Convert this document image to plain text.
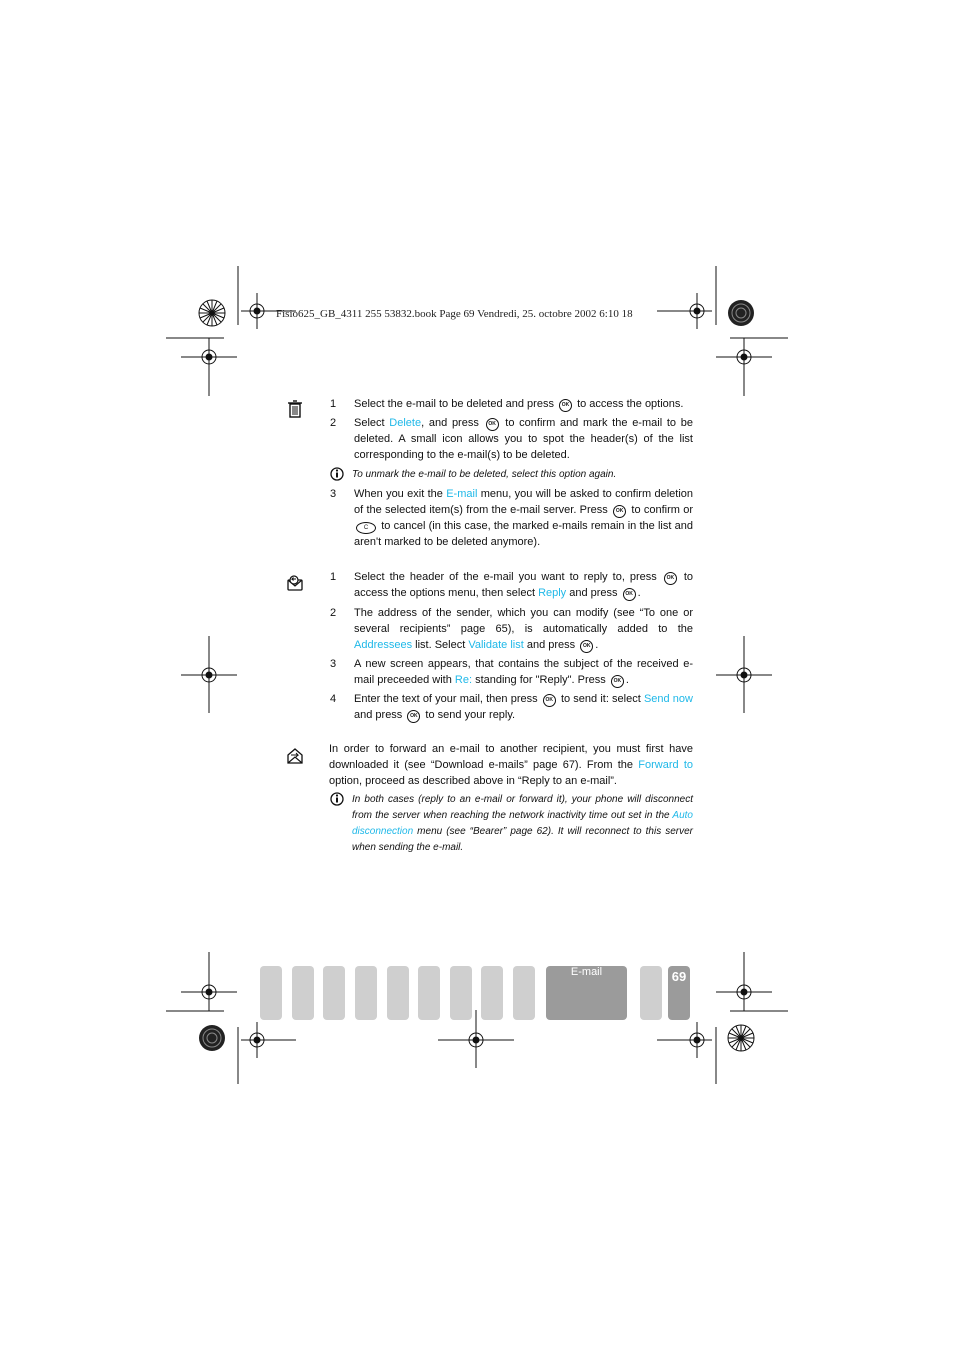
Fisio625_GB_4311 255 53832.book Page 69 Vendredi, 25. octobre 2002 6:10 18
1 Select the e-mail to be deleted and press OK to access the options.
2 Select Delete, and press OK to confirm and mark the e-mail to be deleted. A small icon allows you to spot the header(s) of the list corresponding to the e-mail(s) to be deleted.
To unmark the e-mail to be deleted, select this option again.
3 When you exit the E-mail menu, you will be asked to confirm deletion of the selected item(s) from the e-mail server. Press OK to confirm or C to cancel (in this case, the marked e-mails remain in the list and aren't marked to be deleted anymore).
1 Select the header of the e-mail you want to reply to, press OK to access the options menu, then select Reply and press OK .
2 The address of the sender, which you can modify (see “To one or several recipients” page 65), is automatically added to the Addressees list. Select Validate list and press OK .
3 A new screen appears, that contains the subject of the received e-mail preceeded with Re: standing for "Reply". Press OK .
4 Enter the text of your mail, then press OK to send it: select Send now and press OK to send your reply.
In order to forward an e-mail to another recipient, you must first have downloaded it (see “Download e-mails” page 67). From the Forward to option, proceed as described above in “Reply to an e-mail”.
In both cases (reply to an e-mail or forward it), your phone will disconnect from the server when reaching the network inactivity time out set in the Auto disconnection menu (see “Bearer” page 62). It will reconnect to this server when sending the e-mail.
E-mail	69
